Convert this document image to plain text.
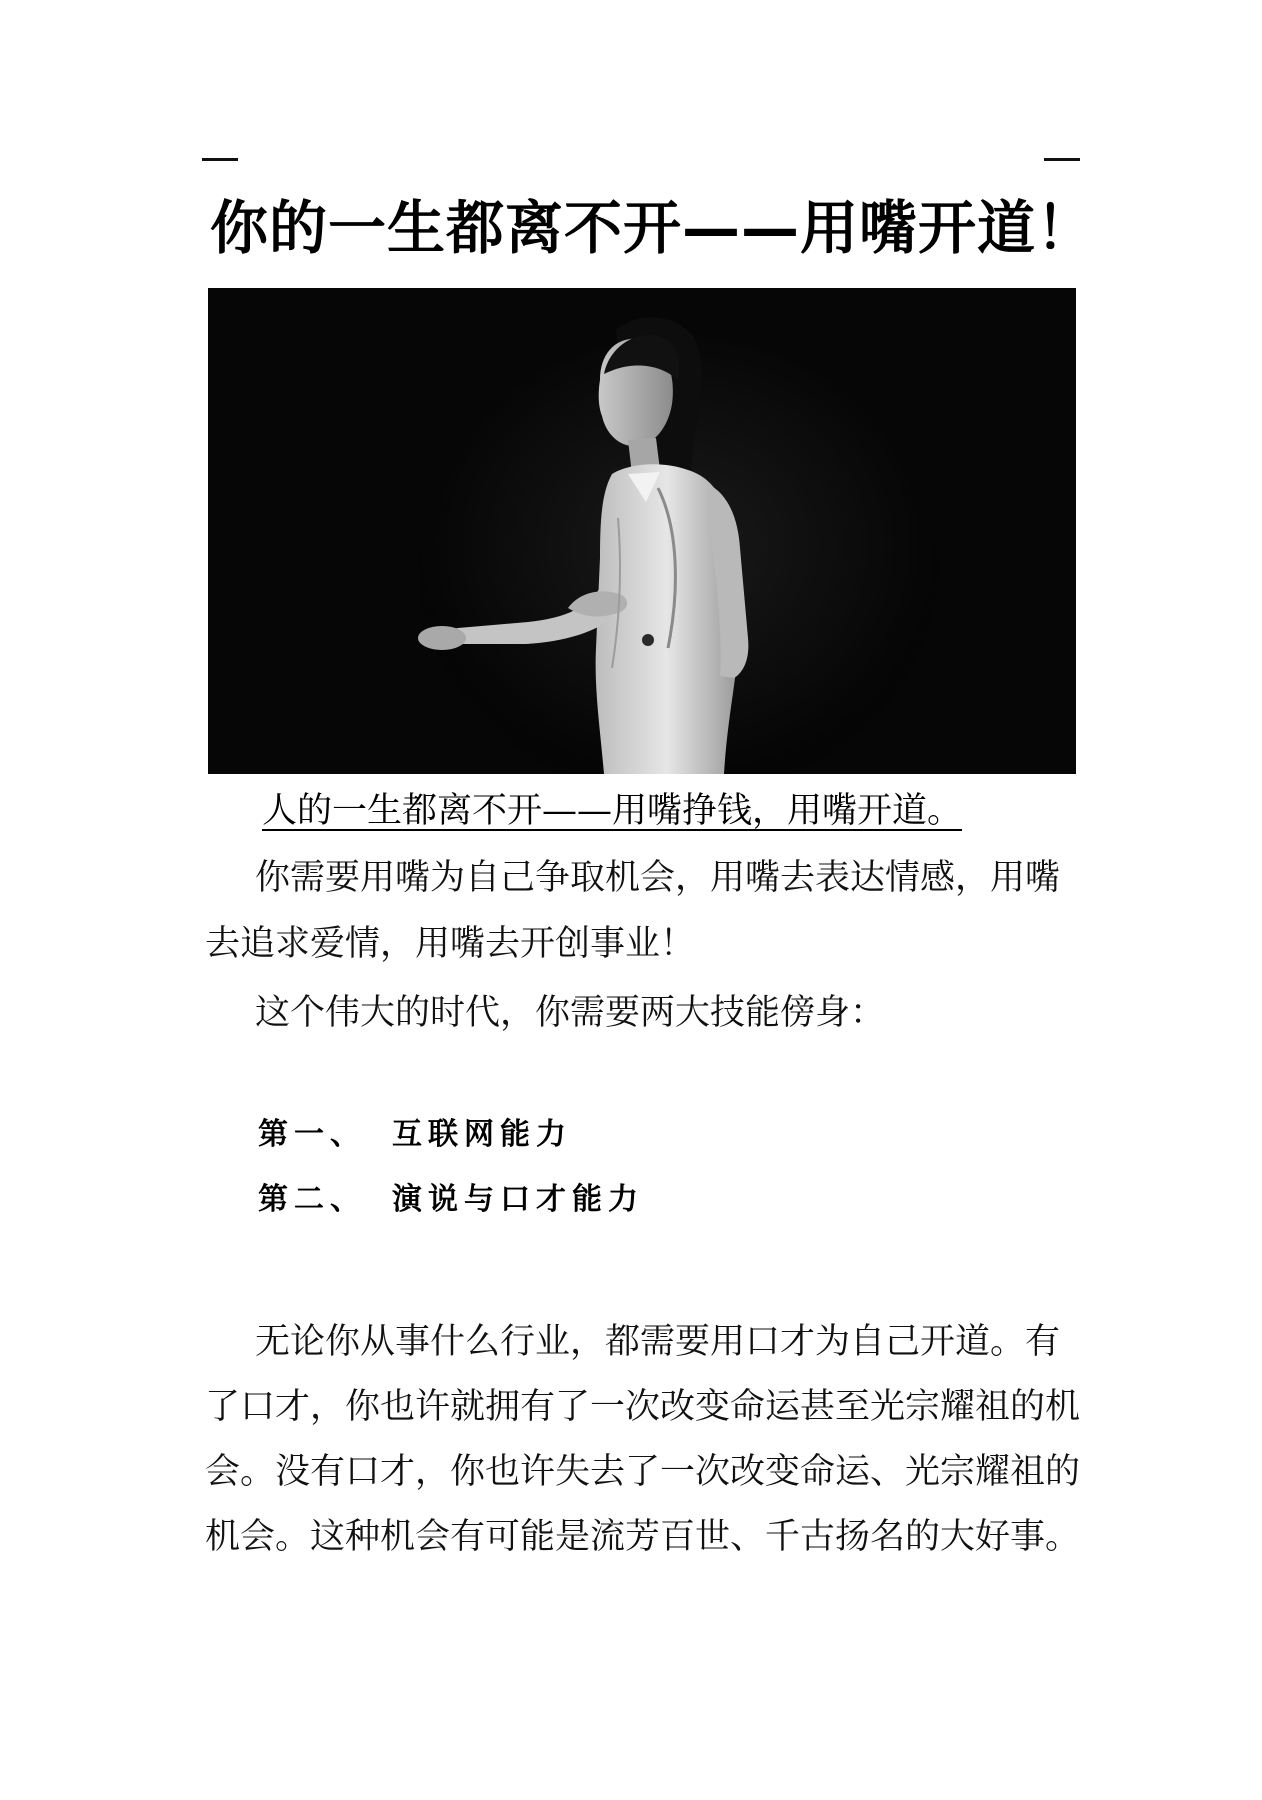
你的一生都离不开——用嘴开道！
人的一生都离不开——用嘴挣钱，用嘴开道。

你需要用嘴为自己争取机会，用嘴去表达情感，用嘴去追求爱情，用嘴去开创事业！

这个伟大的时代，你需要两大技能傍身：

第一、 互联网能力
第二、 演说与口才能力

无论你从事什么行业，都需要用口才为自己开道。有了口才，你也许就拥有了一次改变命运甚至光宗耀祖的机会。没有口才，你也许失去了一次改变命运、光宗耀祖的机会。这种机会有可能是流芳百世、千古扬名的大好事。
